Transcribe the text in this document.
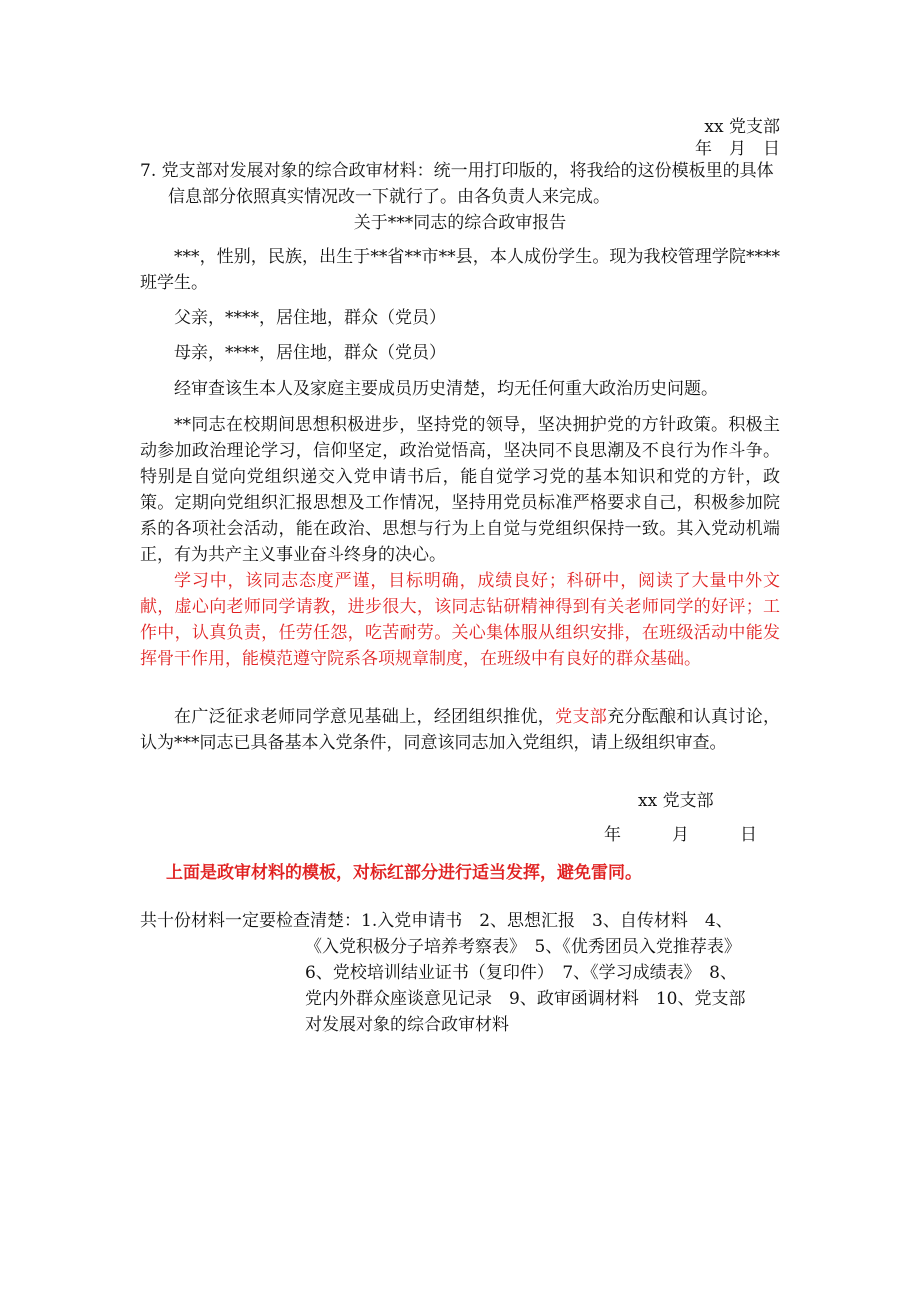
xx 党支部
年　月　日

7. 党支部对发展对象的综合政审材料：统一用打印版的，将我给的这份模板里的具体信息部分依照真实情况改一下就行了。由各负责人来完成。

关于***同志的综合政审报告

***，性别，民族，出生于**省**市**县，本人成份学生。现为我校管理学院****班学生。

父亲，****，居住地，群众（党员）

母亲，****，居住地，群众（党员）

经审查该生本人及家庭主要成员历史清楚，均无任何重大政治历史问题。

**同志在校期间思想积极进步，坚持党的领导，坚决拥护党的方针政策。积极主动参加政治理论学习，信仰坚定，政治觉悟高，坚决同不良思潮及不良行为作斗争。特别是自觉向党组织递交入党申请书后，能自觉学习党的基本知识和党的方针，政策。定期向党组织汇报思想及工作情况，坚持用党员标准严格要求自己，积极参加院系的各项社会活动，能在政治、思想与行为上自觉与党组织保持一致。其入党动机端正，有为共产主义事业奋斗终身的决心。

学习中，该同志态度严谨，目标明确，成绩良好；科研中，阅读了大量中外文献，虚心向老师同学请教，进步很大，该同志钻研精神得到有关老师同学的好评；工作中，认真负责，任劳任怨，吃苦耐劳。关心集体服从组织安排，在班级活动中能发挥骨干作用，能模范遵守院系各项规章制度，在班级中有良好的群众基础。

在广泛征求老师同学意见基础上，经团组织推优，党支部充分酝酿和认真讨论，认为***同志已具备基本入党条件，同意该同志加入党组织，请上级组织审查。

xx 党支部
年　　　月　　　日
上面是政审材料的模板，对标红部分进行适当发挥，避免雷同。
共十份材料一定要检查清楚：1.入党申请书　2、思想汇报　3、自传材料　4、
《入党积极分子培养考察表》　5、《优秀团员入党推荐表》
6、党校培训结业证书（复印件）　7、《学习成绩表》　8、
党内外群众座谈意见记录　9、政审函调材料　10、党支部
对发展对象的综合政审材料
